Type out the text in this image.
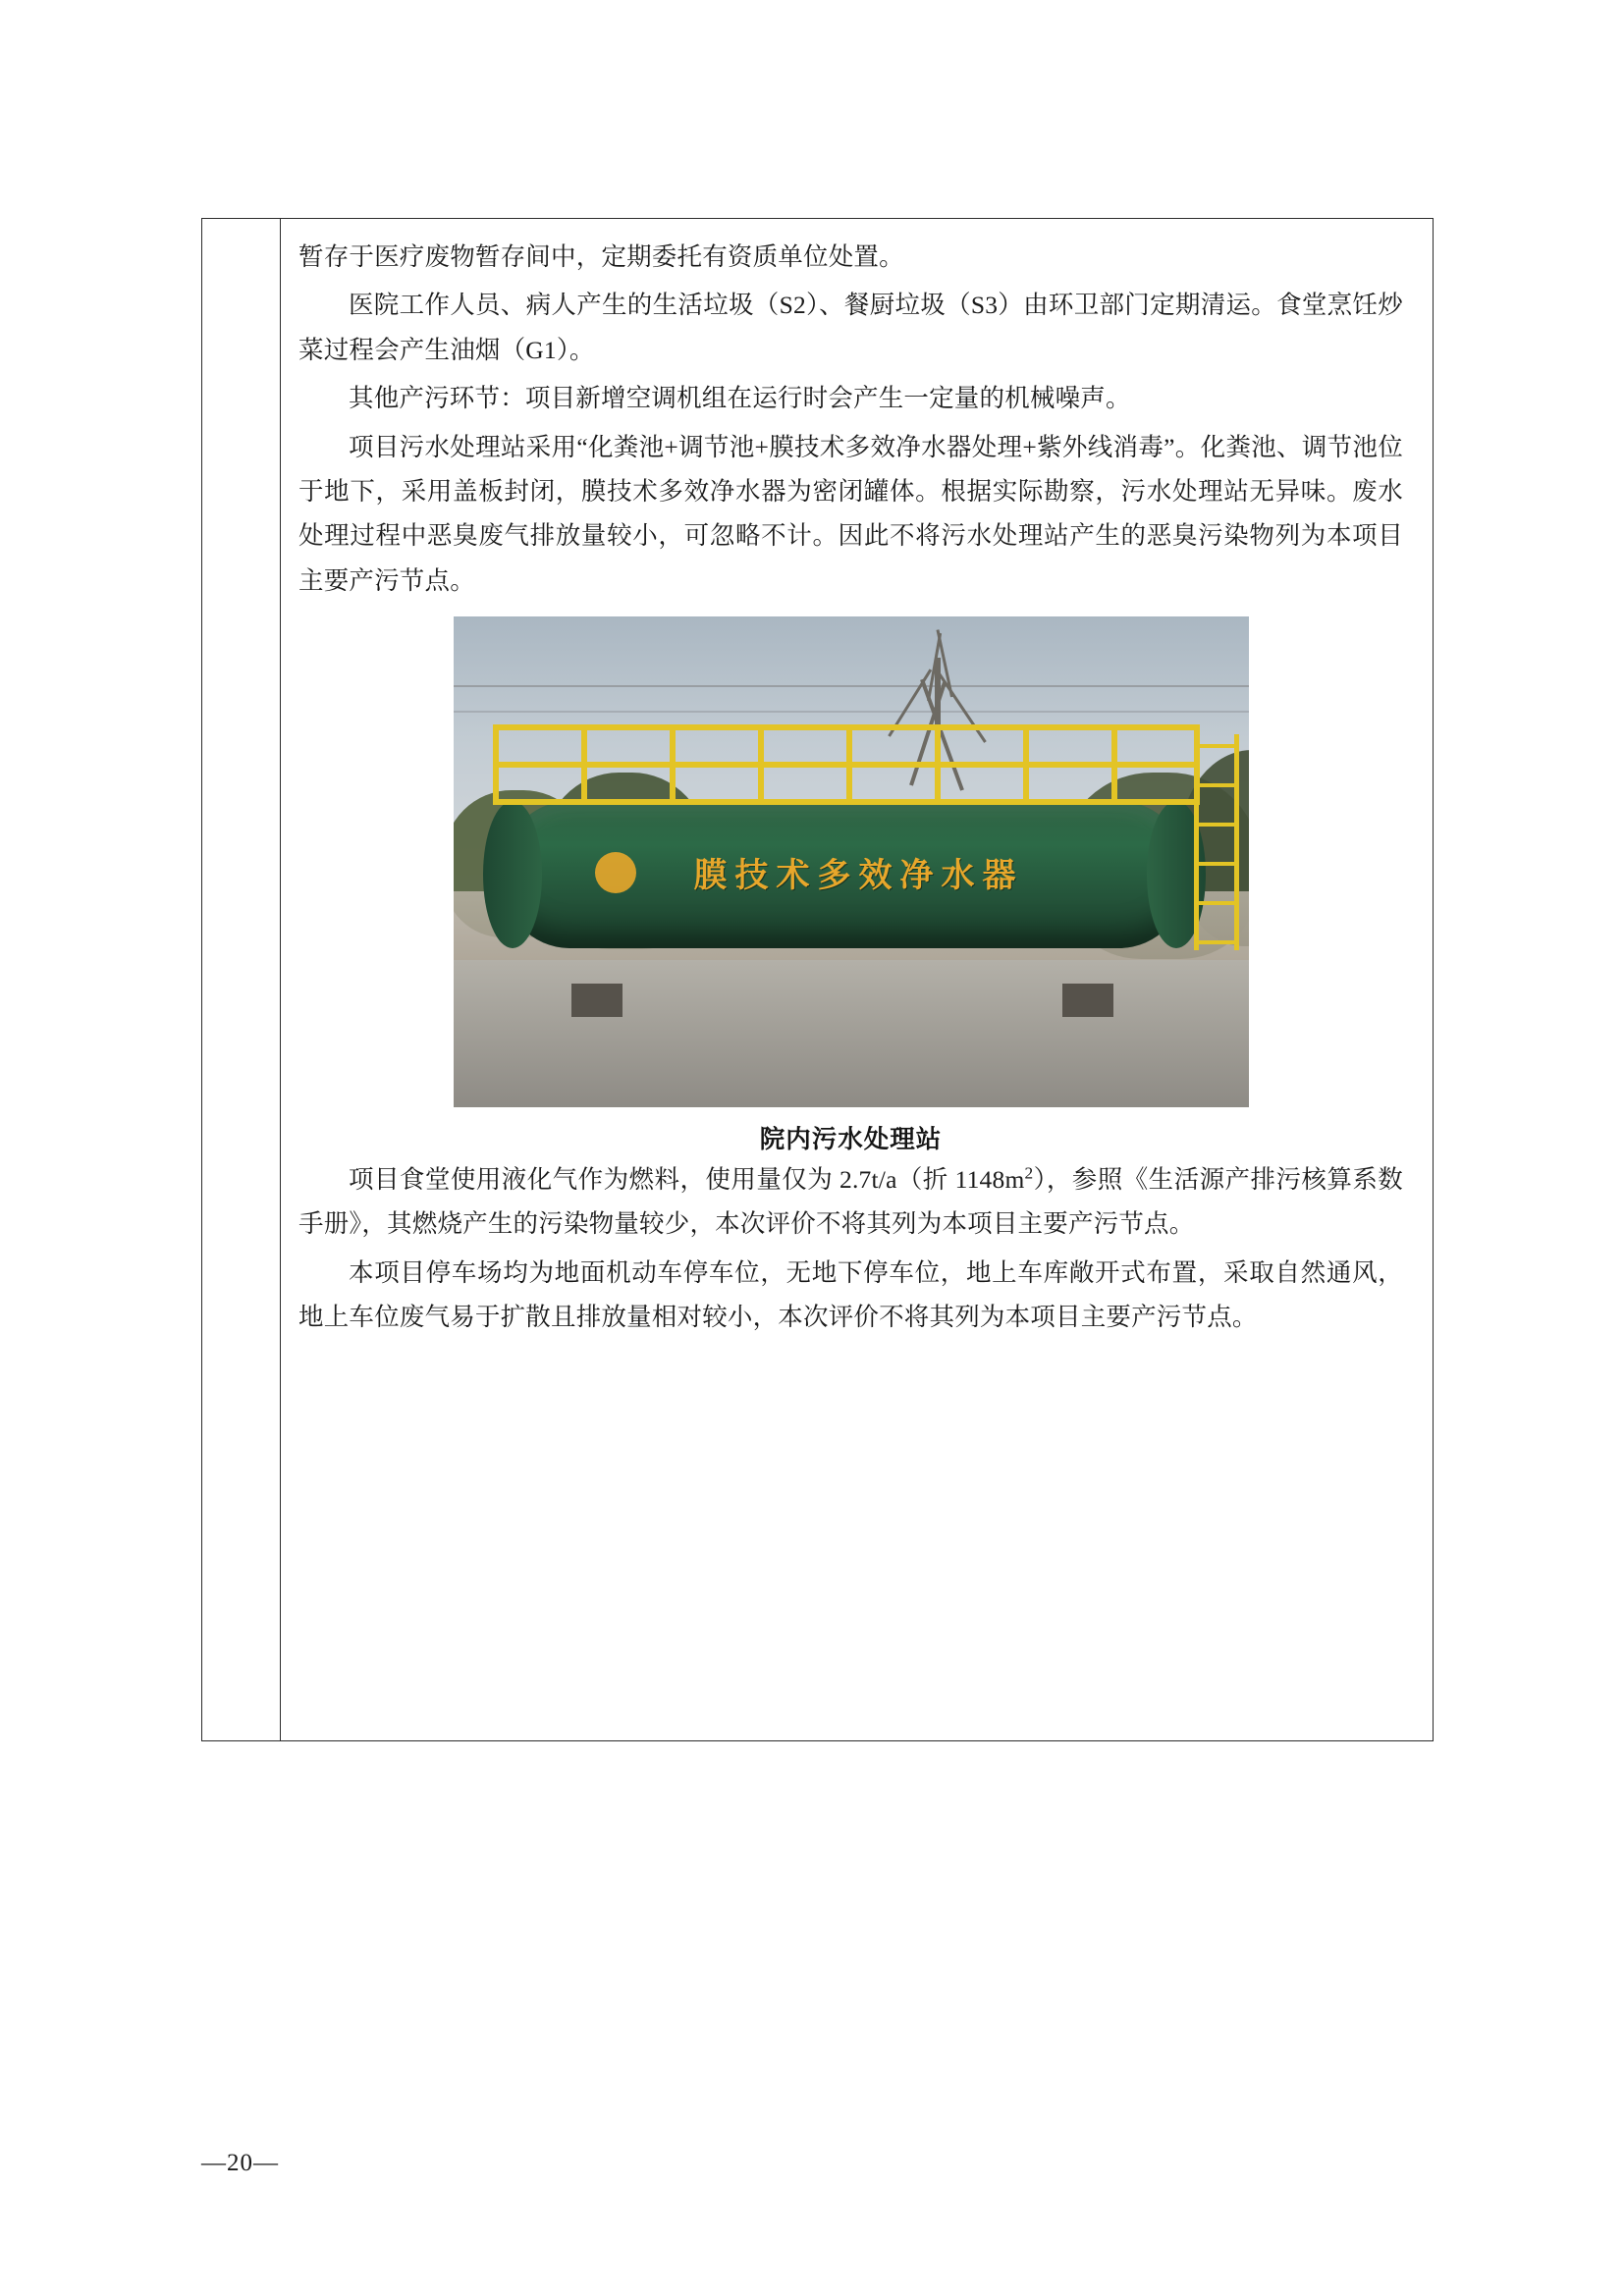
暂存于医疗废物暂存间中，定期委托有资质单位处置。

医院工作人员、病人产生的生活垃圾（S2）、餐厨垃圾（S3）由环卫部门定期清运。食堂烹饪炒菜过程会产生油烟（G1）。

其他产污环节：项目新增空调机组在运行时会产生一定量的机械噪声。

项目污水处理站采用“化粪池+调节池+膜技术多效净水器处理+紫外线消毒”。化粪池、调节池位于地下，采用盖板封闭，膜技术多效净水器为密闭罐体。根据实际勘察，污水处理站无异味。废水处理过程中恶臭废气排放量较小，可忽略不计。因此不将污水处理站产生的恶臭污染物列为本项目主要产污节点。

膜技术多效净水器
院内污水处理站

项目食堂使用液化气作为燃料，使用量仅为 2.7t/a（折 $1148m^2$），参照《生活源产排污核算系数手册》，其燃烧产生的污染物量较少，本次评价不将其列为本项目主要产污节点。

本项目停车场均为地面机动车停车位，无地下停车位，地上车库敞开式布置，采取自然通风，地上车位废气易于扩散且排放量相对较小，本次评价不将其列为本项目主要产污节点。

—20—
